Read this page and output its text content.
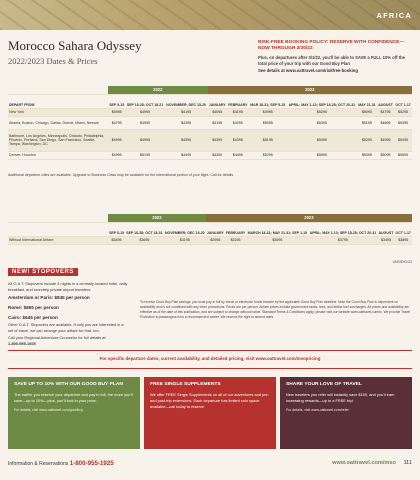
AFRICA
Morocco Sahara Odyssey
2022/2023 Dates & Prices
RISK-FREE BOOKING POLICY: RESERVE WITH CONFIDENCE—NOW THROUGH 3/30/22
Plus, on departures after 3/1/22, you'll be able to SAVE a FULL 10% off the total price of your trip with our Good Buy Plan
See details at www.oattravel.com/riskfree-booking
	2022			2023						
DEPART FROM	SEP 5-15	SEP 18-28; OCT 18-21	NOVEMBER; DEC 15-20	JANUARY	FEBRUARY	MAR 18-31; SEP 5-15	APRIL; MAY 1-13; SEP 18-28; OCT 20-31	MAY 21-31	AUGUST	OCT 1-17
New York	$4995	$4995	$4195	$4095	$4195	$4995	$5295	$5095	$4795	$5295
Atlanta, Boston, Chicago, Dallas, Detroit, Miami, Newark	$4795	$4995	$4395	$4195	$4395	$5095	$5395	$5195	$4895	$5395
Baltimore, Los Angeles, Minneapolis, Orlando, Philadelphia, Phoenix, Portland, San Diego, San Francisco, Seattle, Tampa, Washington, DC	$4995	$4995	$4395	$4395	$4395	$5195	$5495	$5295	$4995	$5495
Denver, Houston	$4995	$5195	$4495	$4395	$4495	$5295	$5595	$5395	$5095	$5595
Additional departure cities are available. Upgrade to Business Class may be available for the international portion of your flight. Call for details.
	2022			2023					
	SEP 5-15	SEP 18-28; OCT 18-31	NOVEMBER; DEC 15-20	JANUARY	FEBRUARY	MARCH 18-31; MAY 21-31; SEP 1-15	APRIL; MAY 1-13; SEP 18-28; OCT 20-31	AUGUST	OCT 1-17
Without International Airfare	$3495	$3695	$3195	$2995	$3195	$3995	$3795	$3495	$3895
#NSIDO/23
NEW! STOPOVERS

All O.A.T. Stopovers include 3 nights in a centrally-located hotel, daily breakfast, and roundtrip private airport transfers.

Amsterdam or Paris: $845 per person
Rome: $865 per person
Cairo: $645 per person

Other O.A.T. Stopovers are available. If only you are interested in a set of travel, we can arrange your airfare for that, too.

Call your Regional Adventure Counselor for full details at

1-800-955-1925

To receive Good Buy Plan savings, you must pay in full by check or electronic funds transfer by the applicable Good Buy Plan deadline. Note the Good Buy Plan is dependent on availability and is not combined with any other promotions. Prices are per person. Airfare prices include government taxes, fees, and airline fuel surcharges. All prices and availability are effective as of the date of this publication, and are subject to change without notice. Standard Terms & Conditions apply; please visit our website www.oattravel.com/tc. We provide Travel Protection to passengers from a recommended carrier. We reserve the right to amend rates.
For specific departure dates, current availability, and detailed pricing, visit www.oattravel.com/msopricing
SAVE UP TO 10% WITH OUR GOOD BUY PLAN
The earlier you reserve your departure and pay in full, the more you'll save—up to 10%—plus, you'll lock in your price.
For details, visit www.oattravel.com/goodbuy
FREE SINGLE SUPPLEMENTS
We offer FREE Single Supplements on all of our adventures and pre- and post-trip extensions. Each departure has limited solo space available—call today to reserve
SHARE YOUR LOVE OF TRAVEL
New travelers you refer will instantly save $100, and you'll earn increasing rewards—up to a FREE trip!
For details, visit www.oattravel.com/refer
Information & Reservations 1-800-955-1925	www.oattravel.com/mso 111
